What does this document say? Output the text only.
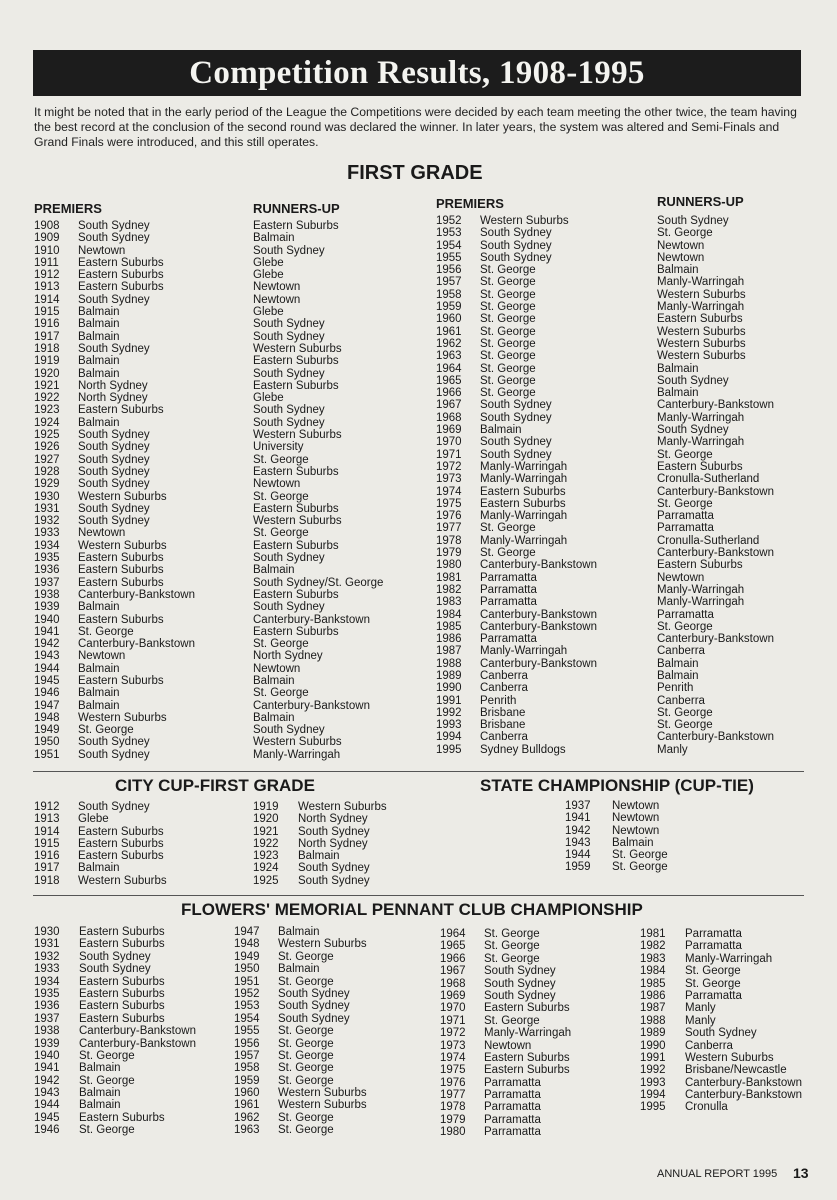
Competition Results, 1908-1995
It might be noted that in the early period of the League the Competitions were decided by each team meeting the other twice, the team having the best record at the conclusion of the second round was declared the winner. In later years, the system was altered and Semi-Finals and Grand Finals were introduced, and this still operates.
FIRST GRADE
PREMIERS	RUNNERS-UP	PREMIERS	RUNNERS-UP
1908 South Sydney	Eastern Suburbs
1909 South Sydney	Balmain
1910 Newtown	South Sydney
1911 Eastern Suburbs	Glebe
1912 Eastern Suburbs	Glebe
1913 Eastern Suburbs	Newtown
1914 South Sydney	Newtown
1915 Balmain	Glebe
1916 Balmain	South Sydney
1917 Balmain	South Sydney
1918 South Sydney	Western Suburbs
1919 Balmain	Eastern Suburbs
1920 Balmain	South Sydney
1921 North Sydney	Eastern Suburbs
1922 North Sydney	Glebe
1923 Eastern Suburbs	South Sydney
1924 Balmain	South Sydney
1925 South Sydney	Western Suburbs
1926 South Sydney	University
1927 South Sydney	St. George
1928 South Sydney	Eastern Suburbs
1929 South Sydney	Newtown
1930 Western Suburbs	St. George
1931 South Sydney	Eastern Suburbs
1932 South Sydney	Western Suburbs
1933 Newtown	St. George
1934 Western Suburbs	Eastern Suburbs
1935 Eastern Suburbs	South Sydney
1936 Eastern Suburbs	Balmain
1937 Eastern Suburbs	South Sydney/St. George
1938 Canterbury-Bankstown	Eastern Suburbs
1939 Balmain	South Sydney
1940 Eastern Suburbs	Canterbury-Bankstown
1941 St. George	Eastern Suburbs
1942 Canterbury-Bankstown	St. George
1943 Newtown	North Sydney
1944 Balmain	Newtown
1945 Eastern Suburbs	Balmain
1946 Balmain	St. George
1947 Balmain	Canterbury-Bankstown
1948 Western Suburbs	Balmain
1949 St. George	South Sydney
1950 South Sydney	Western Suburbs
1951 South Sydney	Manly-Warringah
1952 Western Suburbs	South Sydney
1953 South Sydney	St. George
1954 South Sydney	Newtown
1955 South Sydney	Newtown
1956 St. George	Balmain
1957 St. George	Manly-Warringah
1958 St. George	Western Suburbs
1959 St. George	Manly-Warringah
1960 St. George	Eastern Suburbs
1961 St. George	Western Suburbs
1962 St. George	Western Suburbs
1963 St. George	Western Suburbs
1964 St. George	Balmain
1965 St. George	South Sydney
1966 St. George	Balmain
1967 South Sydney	Canterbury-Bankstown
1968 South Sydney	Manly-Warringah
1969 Balmain	South Sydney
1970 South Sydney	Manly-Warringah
1971 South Sydney	St. George
1972 Manly-Warringah	Eastern Suburbs
1973 Manly-Warringah	Cronulla-Sutherland
1974 Eastern Suburbs	Canterbury-Bankstown
1975 Eastern Suburbs	St. George
1976 Manly-Warringah	Parramatta
1977 St. George	Parramatta
1978 Manly-Warringah	Cronulla-Sutherland
1979 St. George	Canterbury-Bankstown
1980 Canterbury-Bankstown	Eastern Suburbs
1981 Parramatta	Newtown
1982 Parramatta	Manly-Warringah
1983 Parramatta	Manly-Warringah
1984 Canterbury-Bankstown	Parramatta
1985 Canterbury-Bankstown	St. George
1986 Parramatta	Canterbury-Bankstown
1987 Manly-Warringah	Canberra
1988 Canterbury-Bankstown	Balmain
1989 Canberra	Balmain
1990 Canberra	Penrith
1991 Penrith	Canberra
1992 Brisbane	St. George
1993 Brisbane	St. George
1994 Canberra	Canterbury-Bankstown
1995 Sydney Bulldogs	Manly
CITY CUP-FIRST GRADE	STATE CHAMPIONSHIP (CUP-TIE)
1912 South Sydney
1913 Glebe
1914 Eastern Suburbs
1915 Eastern Suburbs
1916 Eastern Suburbs
1917 Balmain
1918 Western Suburbs
1919 Western Suburbs
1920 North Sydney
1921 South Sydney
1922 North Sydney
1923 Balmain
1924 South Sydney
1925 South Sydney
1937 Newtown
1941 Newtown
1942 Newtown
1943 Balmain
1944 St. George
1959 St. George
FLOWERS' MEMORIAL PENNANT CLUB CHAMPIONSHIP
1930 Eastern Suburbs
1931 Eastern Suburbs
1932 South Sydney
1933 South Sydney
1934 Eastern Suburbs
1935 Eastern Suburbs
1936 Eastern Suburbs
1937 Eastern Suburbs
1938 Canterbury-Bankstown
1939 Canterbury-Bankstown
1940 St. George
1941 Balmain
1942 St. George
1943 Balmain
1944 Balmain
1945 Eastern Suburbs
1946 St. George
1947 Balmain
1948 Western Suburbs
1949 St. George
1950 Balmain
1951 St. George
1952 South Sydney
1953 South Sydney
1954 South Sydney
1955 St. George
1956 St. George
1957 St. George
1958 St. George
1959 St. George
1960 Western Suburbs
1961 Western Suburbs
1962 St. George
1963 St. George
1964 St. George
1965 St. George
1966 St. George
1967 South Sydney
1968 South Sydney
1969 South Sydney
1970 Eastern Suburbs
1971 St. George
1972 Manly-Warringah
1973 Newtown
1974 Eastern Suburbs
1975 Eastern Suburbs
1976 Parramatta
1977 Parramatta
1978 Parramatta
1979 Parramatta
1980 Parramatta
1981 Parramatta
1982 Parramatta
1983 Manly-Warringah
1984 St. George
1985 St. George
1986 Parramatta
1987 Manly
1988 Manly
1989 South Sydney
1990 Canberra
1991 Western Suburbs
1992 Brisbane/Newcastle
1993 Canterbury-Bankstown
1994 Canterbury-Bankstown
1995 Cronulla
ANNUAL REPORT 1995 13
